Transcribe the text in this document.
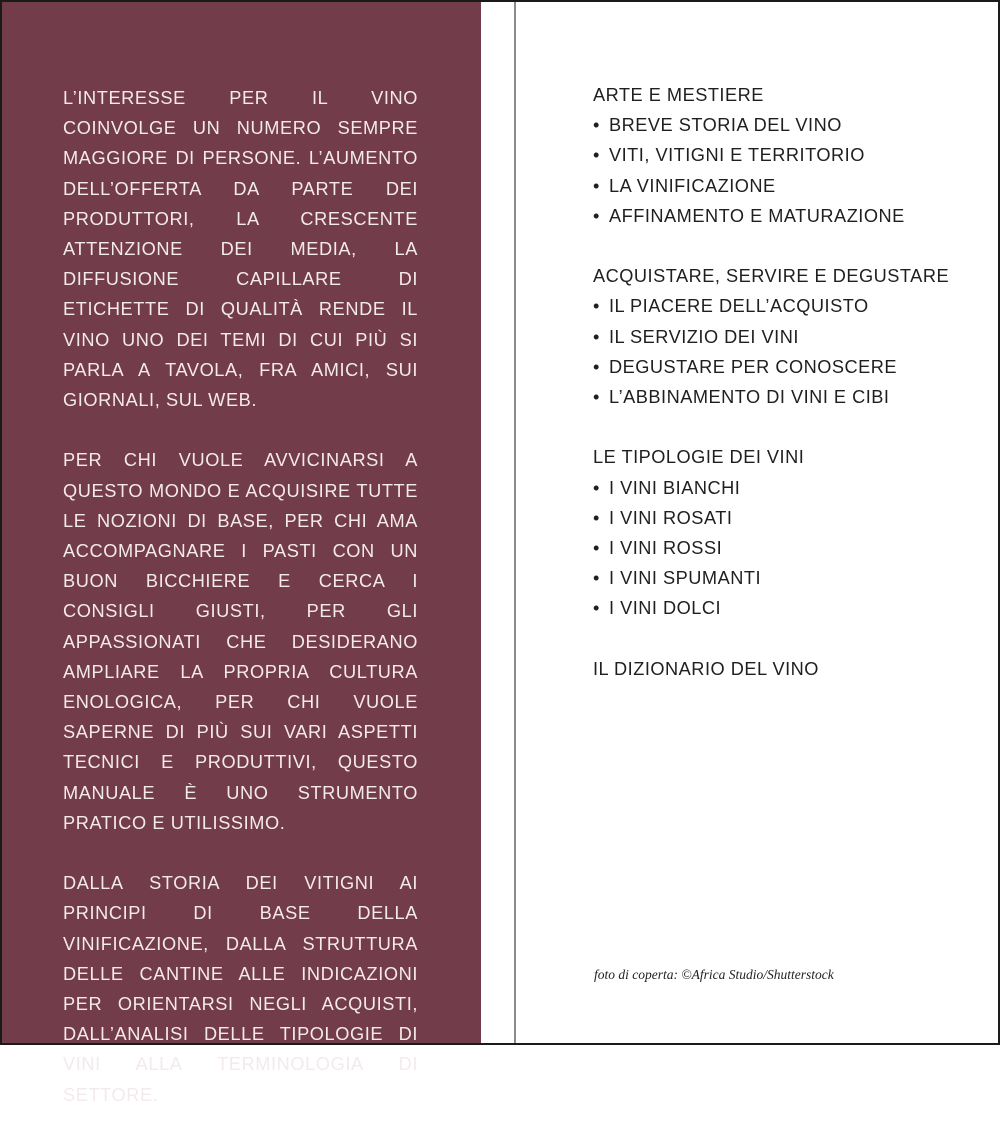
L’INTERESSE PER IL VINO COINVOLGE UN NUMERO SEMPRE MAGGIORE DI PERSONE. L’AUMENTO DELL’OFFERTA DA PARTE DEI PRODUTTORI, LA CRESCENTE ATTENZIONE DEI MEDIA, LA DIFFUSIONE CAPILLARE DI ETICHETTE DI QUALITÀ RENDE IL VINO UNO DEI TEMI DI CUI PIÙ SI PARLA A TAVOLA, FRA AMICI, SUI GIORNALI, SUL WEB.

PER CHI VUOLE AVVICINARSI A QUESTO MONDO E ACQUISIRE TUTTE LE NOZIONI DI BASE, PER CHI AMA ACCOMPAGNARE I PASTI CON UN BUON BICCHIERE E CERCA I CONSIGLI GIUSTI, PER GLI APPASSIONATI CHE DESIDERANO AMPLIARE LA PROPRIA CULTURA ENOLOGICA, PER CHI VUOLE SAPERNE DI PIÙ SUI VARI ASPETTI TECNICI E PRODUTTIVI, QUESTO MANUALE È UNO STRUMENTO PRATICO E UTILISSIMO.

DALLA STORIA DEI VITIGNI AI PRINCIPI DI BASE DELLA VINIFICAZIONE, DALLA STRUTTURA DELLE CANTINE ALLE INDICAZIONI PER ORIENTARSI NEGLI ACQUISTI, DALL’ANALISI DELLE TIPOLOGIE DI VINI ALLA TERMINOLOGIA DI SETTORE.

ARTE E MESTIERE
• BREVE STORIA DEL VINO
• VITI, VITIGNI E TERRITORIO
• LA VINIFICAZIONE
• AFFINAMENTO E MATURAZIONE
ACQUISTARE, SERVIRE E DEGUSTARE
• IL PIACERE DELL’ACQUISTO
• IL SERVIZIO DEI VINI
• DEGUSTARE PER CONOSCERE
• L’ABBINAMENTO DI VINI E CIBI
LE TIPOLOGIE DEI VINI
• I VINI BIANCHI
• I VINI ROSATI
• I VINI ROSSI
• I VINI SPUMANTI
• I VINI DOLCI
IL DIZIONARIO DEL VINO
foto di coperta: ©Africa Studio/Shutterstock
